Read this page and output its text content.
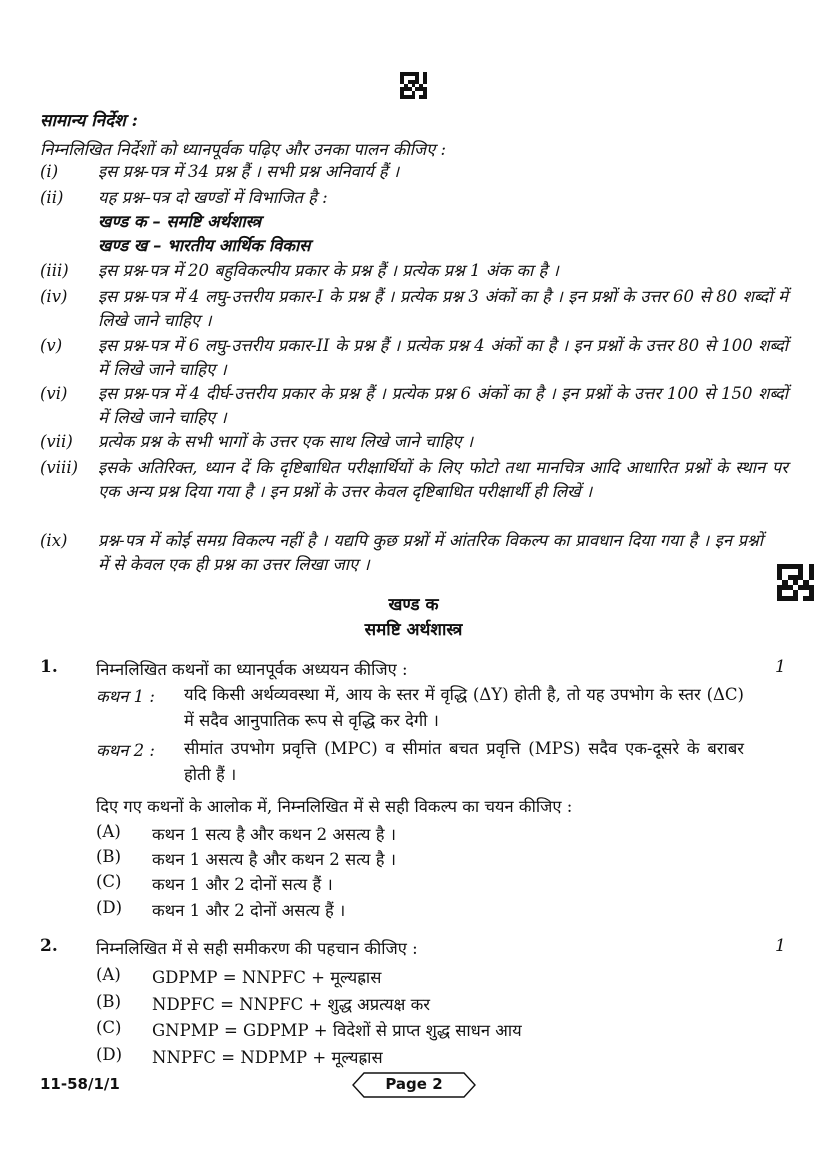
सामान्य निर्देश :
निम्नलिखित निर्देशों को ध्यानपूर्वक पढ़िए और उनका पालन कीजिए :
(i) इस प्रश्न-पत्र में 34 प्रश्न हैं । सभी प्रश्न अनिवार्य हैं ।
(ii) यह प्रश्न–पत्र दो खण्डों में विभाजित है :
खण्ड क – समष्टि अर्थशास्त्र
खण्ड ख – भारतीय आर्थिक विकास
(iii) इस प्रश्न-पत्र में 20 बहुविकल्पीय प्रकार के प्रश्न हैं । प्रत्येक प्रश्न 1 अंक का है ।
(iv) इस प्रश्न-पत्र में 4 लघु-उत्तरीय प्रकार-I के प्रश्न हैं । प्रत्येक प्रश्न 3 अंकों का है । इन प्रश्नों के उत्तर 60 से 80 शब्दों में लिखे जाने चाहिए ।
(v) इस प्रश्न-पत्र में 6 लघु-उत्तरीय प्रकार-II के प्रश्न हैं । प्रत्येक प्रश्न 4 अंकों का है । इन प्रश्नों के उत्तर 80 से 100 शब्दों में लिखे जाने चाहिए ।
(vi) इस प्रश्न-पत्र में 4 दीर्घ-उत्तरीय प्रकार के प्रश्न हैं । प्रत्येक प्रश्न 6 अंकों का है । इन प्रश्नों के उत्तर 100 से 150 शब्दों में लिखे जाने चाहिए ।
(vii) प्रत्येक प्रश्न के सभी भागों के उत्तर एक साथ लिखे जाने चाहिए ।
(viii) इसके अतिरिक्त, ध्यान दें कि दृष्टिबाधित परीक्षार्थियों के लिए फोटो तथा मानचित्र आदि आधारित प्रश्नों के स्थान पर एक अन्य प्रश्न दिया गया है । इन प्रश्नों के उत्तर केवल दृष्टिबाधित परीक्षार्थी ही लिखें ।
(ix) प्रश्न-पत्र में कोई समग्र विकल्प नहीं है । यद्यपि कुछ प्रश्नों में आंतरिक विकल्प का प्रावधान दिया गया है । इन प्रश्नों में से केवल एक ही प्रश्न का उत्तर लिखा जाए ।
खण्ड क
समष्टि अर्थशास्त्र
1. निम्नलिखित कथनों का ध्यानपूर्वक अध्ययन कीजिए :	1
कथन 1 : यदि किसी अर्थव्यवस्था में, आय के स्तर में वृद्धि (ΔY) होती है, तो यह उपभोग के स्तर (ΔC) में सदैव आनुपातिक रूप से वृद्धि कर देगी ।
कथन 2 : सीमांत उपभोग प्रवृत्ति (MPC) व सीमांत बचत प्रवृत्ति (MPS) सदैव एक-दूसरे के बराबर होती हैं ।
दिए गए कथनों के आलोक में, निम्नलिखित में से सही विकल्प का चयन कीजिए :
(A) कथन 1 सत्य है और कथन 2 असत्य है ।
(B) कथन 1 असत्य है और कथन 2 सत्य है ।
(C) कथन 1 और 2 दोनों सत्य हैं ।
(D) कथन 1 और 2 दोनों असत्य हैं ।
2. निम्नलिखित में से सही समीकरण की पहचान कीजिए :	1
(A) GDPMP = NNPFC + मूल्यह्रास
(B) NDPFC = NNPFC + शुद्ध अप्रत्यक्ष कर
(C) GNPMP = GDPMP + विदेशों से प्राप्त शुद्ध साधन आय
(D) NNPFC = NDPMP + मूल्यह्रास
11-58/1/1	Page 2
